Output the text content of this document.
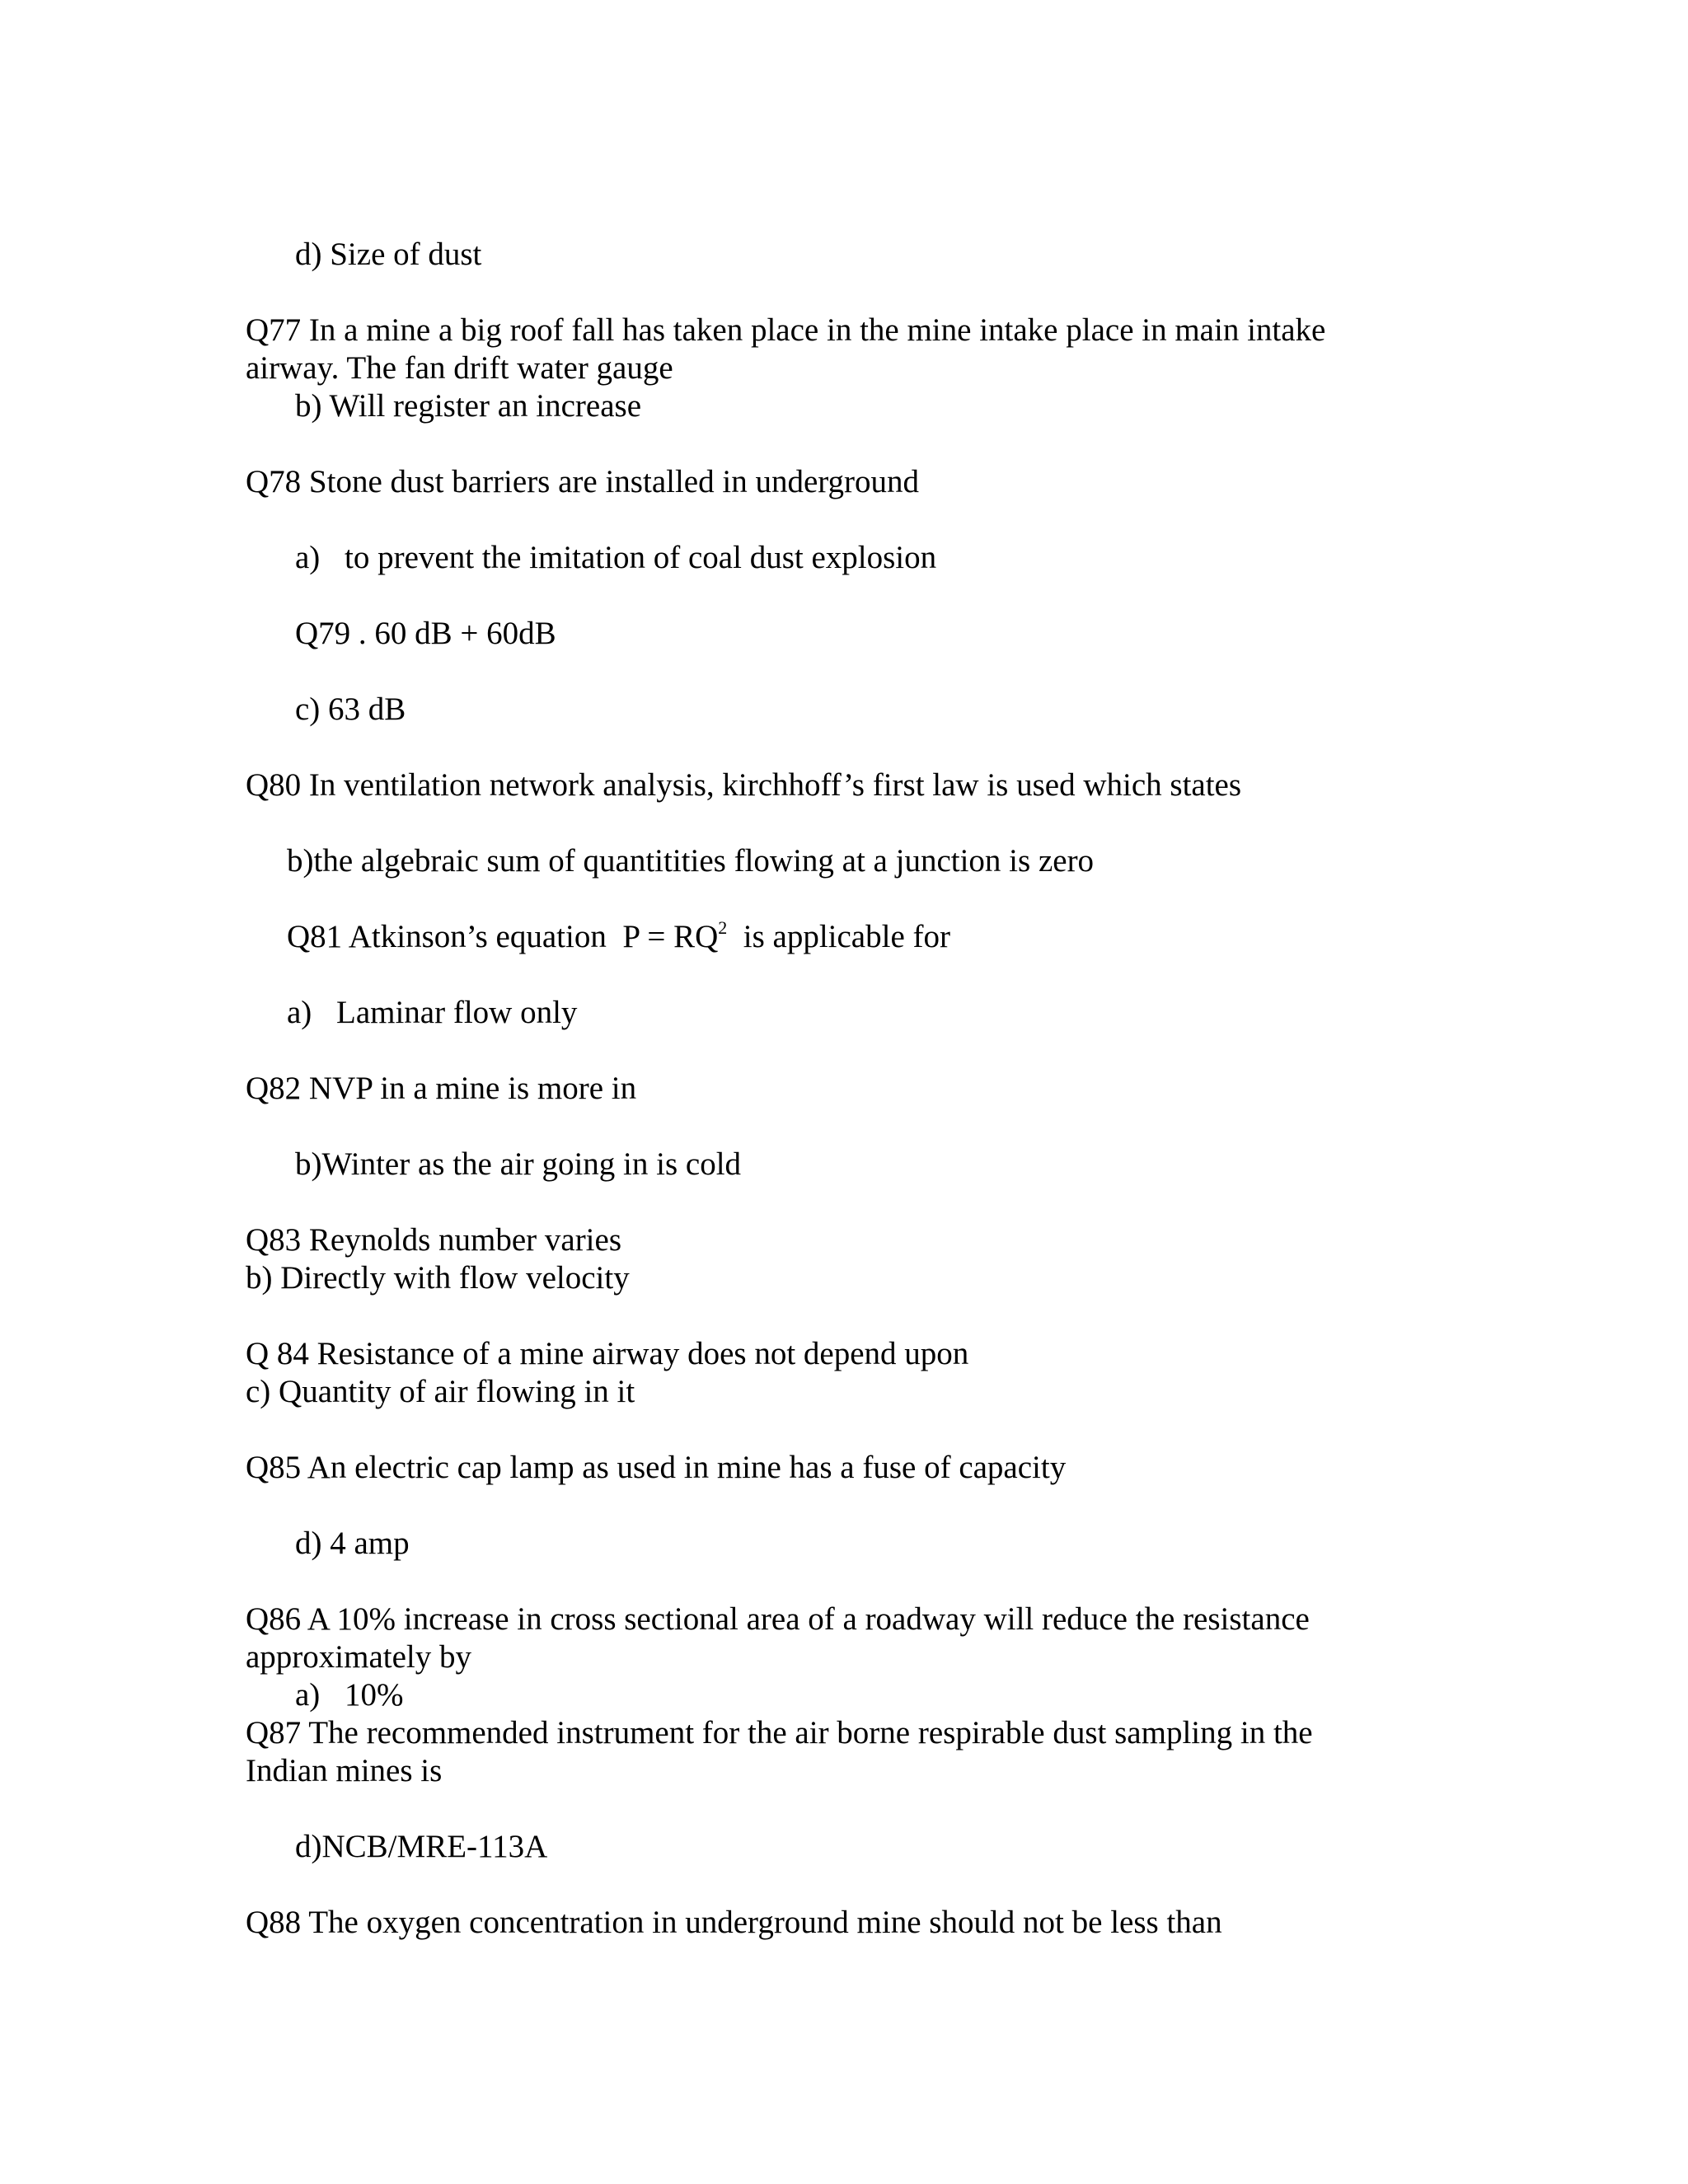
d) Size of dust
Q77 In a mine a big roof fall has taken place in the mine intake place in main intake
airway. The fan drift water gauge
b) Will register an increase
Q78 Stone dust barriers are installed in underground
a) to prevent the imitation of coal dust explosion
Q79 . 60 dB + 60dB
c) 63 dB
Q80 In ventilation network analysis, kirchhoff’s first law is used which states
b)the algebraic sum of quantitities flowing at a junction is zero
Q81 Atkinson’s equation  $P = RQ^2$  is applicable for
a) Laminar flow only
Q82 NVP in a mine is more in
b)Winter as the air going in is cold
Q83 Reynolds number varies
b) Directly with flow velocity
Q 84 Resistance of a mine airway does not depend upon
c) Quantity of air flowing in it
Q85 An electric cap lamp as used in mine has a fuse of capacity
d) 4 amp
Q86 A 10% increase in cross sectional area of a roadway will reduce the resistance
approximately by
a) 10%
Q87 The recommended instrument for the air borne respirable dust sampling in the
Indian mines is
d)NCB/MRE-113A
Q88 The oxygen concentration in underground mine should not be less than
